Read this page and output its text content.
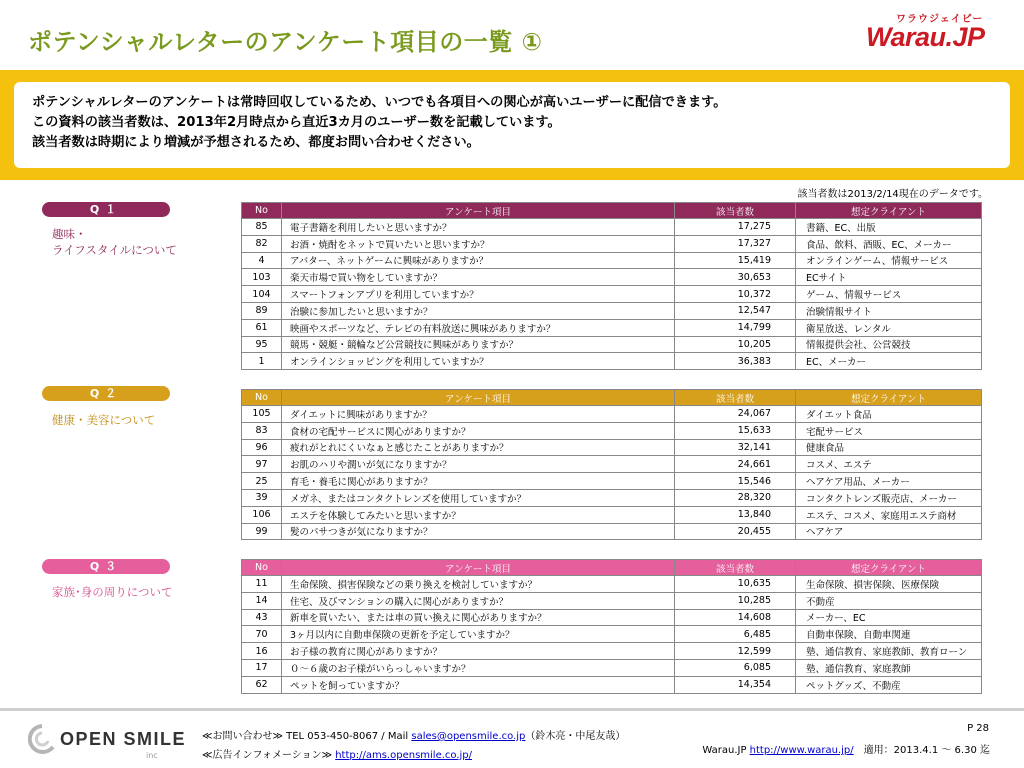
ポテンシャルレターのアンケート項目の一覧 ①
ワラウジェイピー
Warau.JP

ポテンシャルレターのアンケートは常時回収しているため、いつでも各項目への関心が高いユーザーに配信できます。

この資料の該当者数は、2013年2月時点から直近3カ月のユーザー数を記載しています。

該当者数は時期により増減が予想されるため、都度お問い合わせください。

該当者数は2013/2/14現在のデータです。
Q１
趣味・
ライフスタイルについて
No	アンケート項目	該当者数	想定クライアント
85	電子書籍を利用したいと思いますか？	17,275	書籍、EC、出版
82	お酒・焼酎をネットで買いたいと思いますか？	17,327	食品、飲料、酒販、EC、メーカー
4	アバター、ネットゲームに興味がありますか？	15,419	オンラインゲーム、情報サービス
103	楽天市場で買い物をしていますか？	30,653	ECサイト
104	スマートフォンアプリを利用していますか？	10,372	ゲーム、情報サービス
89	治験に参加したいと思いますか？	12,547	治験情報サイト
61	映画やスポーツなど、テレビの有料放送に興味がありますか？	14,799	衛星放送、レンタル
95	競馬・競艇・競輪など公営競技に興味がありますか？	10,205	情報提供会社、公営競技
1	オンラインショッピングを利用していますか？	36,383	EC、メーカー
Q２
健康・美容について
No	アンケート項目	該当者数	想定クライアント
105	ダイエットに興味がありますか？	24,067	ダイエット食品
83	食材の宅配サービスに関心がありますか？	15,633	宅配サービス
96	疲れがとれにくいなぁと感じたことがありますか？	32,141	健康食品
97	お肌のハリや潤いが気になりますか？	24,661	コスメ、エステ
25	育毛・養毛に関心がありますか？	15,546	ヘアケア用品、メーカー
39	メガネ、またはコンタクトレンズを使用していますか？	28,320	コンタクトレンズ販売店、メーカー
106	エステを体験してみたいと思いますか？	13,840	エステ、コスメ、家庭用エステ商材
99	髪のパサつきが気になりますか？	20,455	ヘアケア
Q３
家族･身の周りについて
No	アンケート項目	該当者数	想定クライアント
11	生命保険、損害保険などの乗り換えを検討していますか？	10,635	生命保険、損害保険、医療保険
14	住宅、及びマンションの購入に関心がありますか？	10,285	不動産
43	新車を買いたい、または車の買い換えに関心がありますか？	14,608	メーカー、EC
70	3ヶ月以内に自動車保険の更新を予定していますか？	6,485	自動車保険、自動車関連
16	お子様の教育に関心がありますか？	12,599	塾、通信教育、家庭教師、教育ローン
17	０～６歳のお子様がいらっしゃいますか？	6,085	塾、通信教育、家庭教師
62	ペットを飼っていますか？	14,354	ペットグッズ、不動産
OPEN SMILE
inc
≪お問い合わせ≫ TEL 053-450-8067 / Mail sales@opensmile.co.jp（鈴木亮・中尾友哉）
≪広告インフォメーション≫ http://ams.opensmile.co.jp/
P 28
Warau.JP http://www.warau.jp/　適用：2013.4.1 〜 6.30 迄
